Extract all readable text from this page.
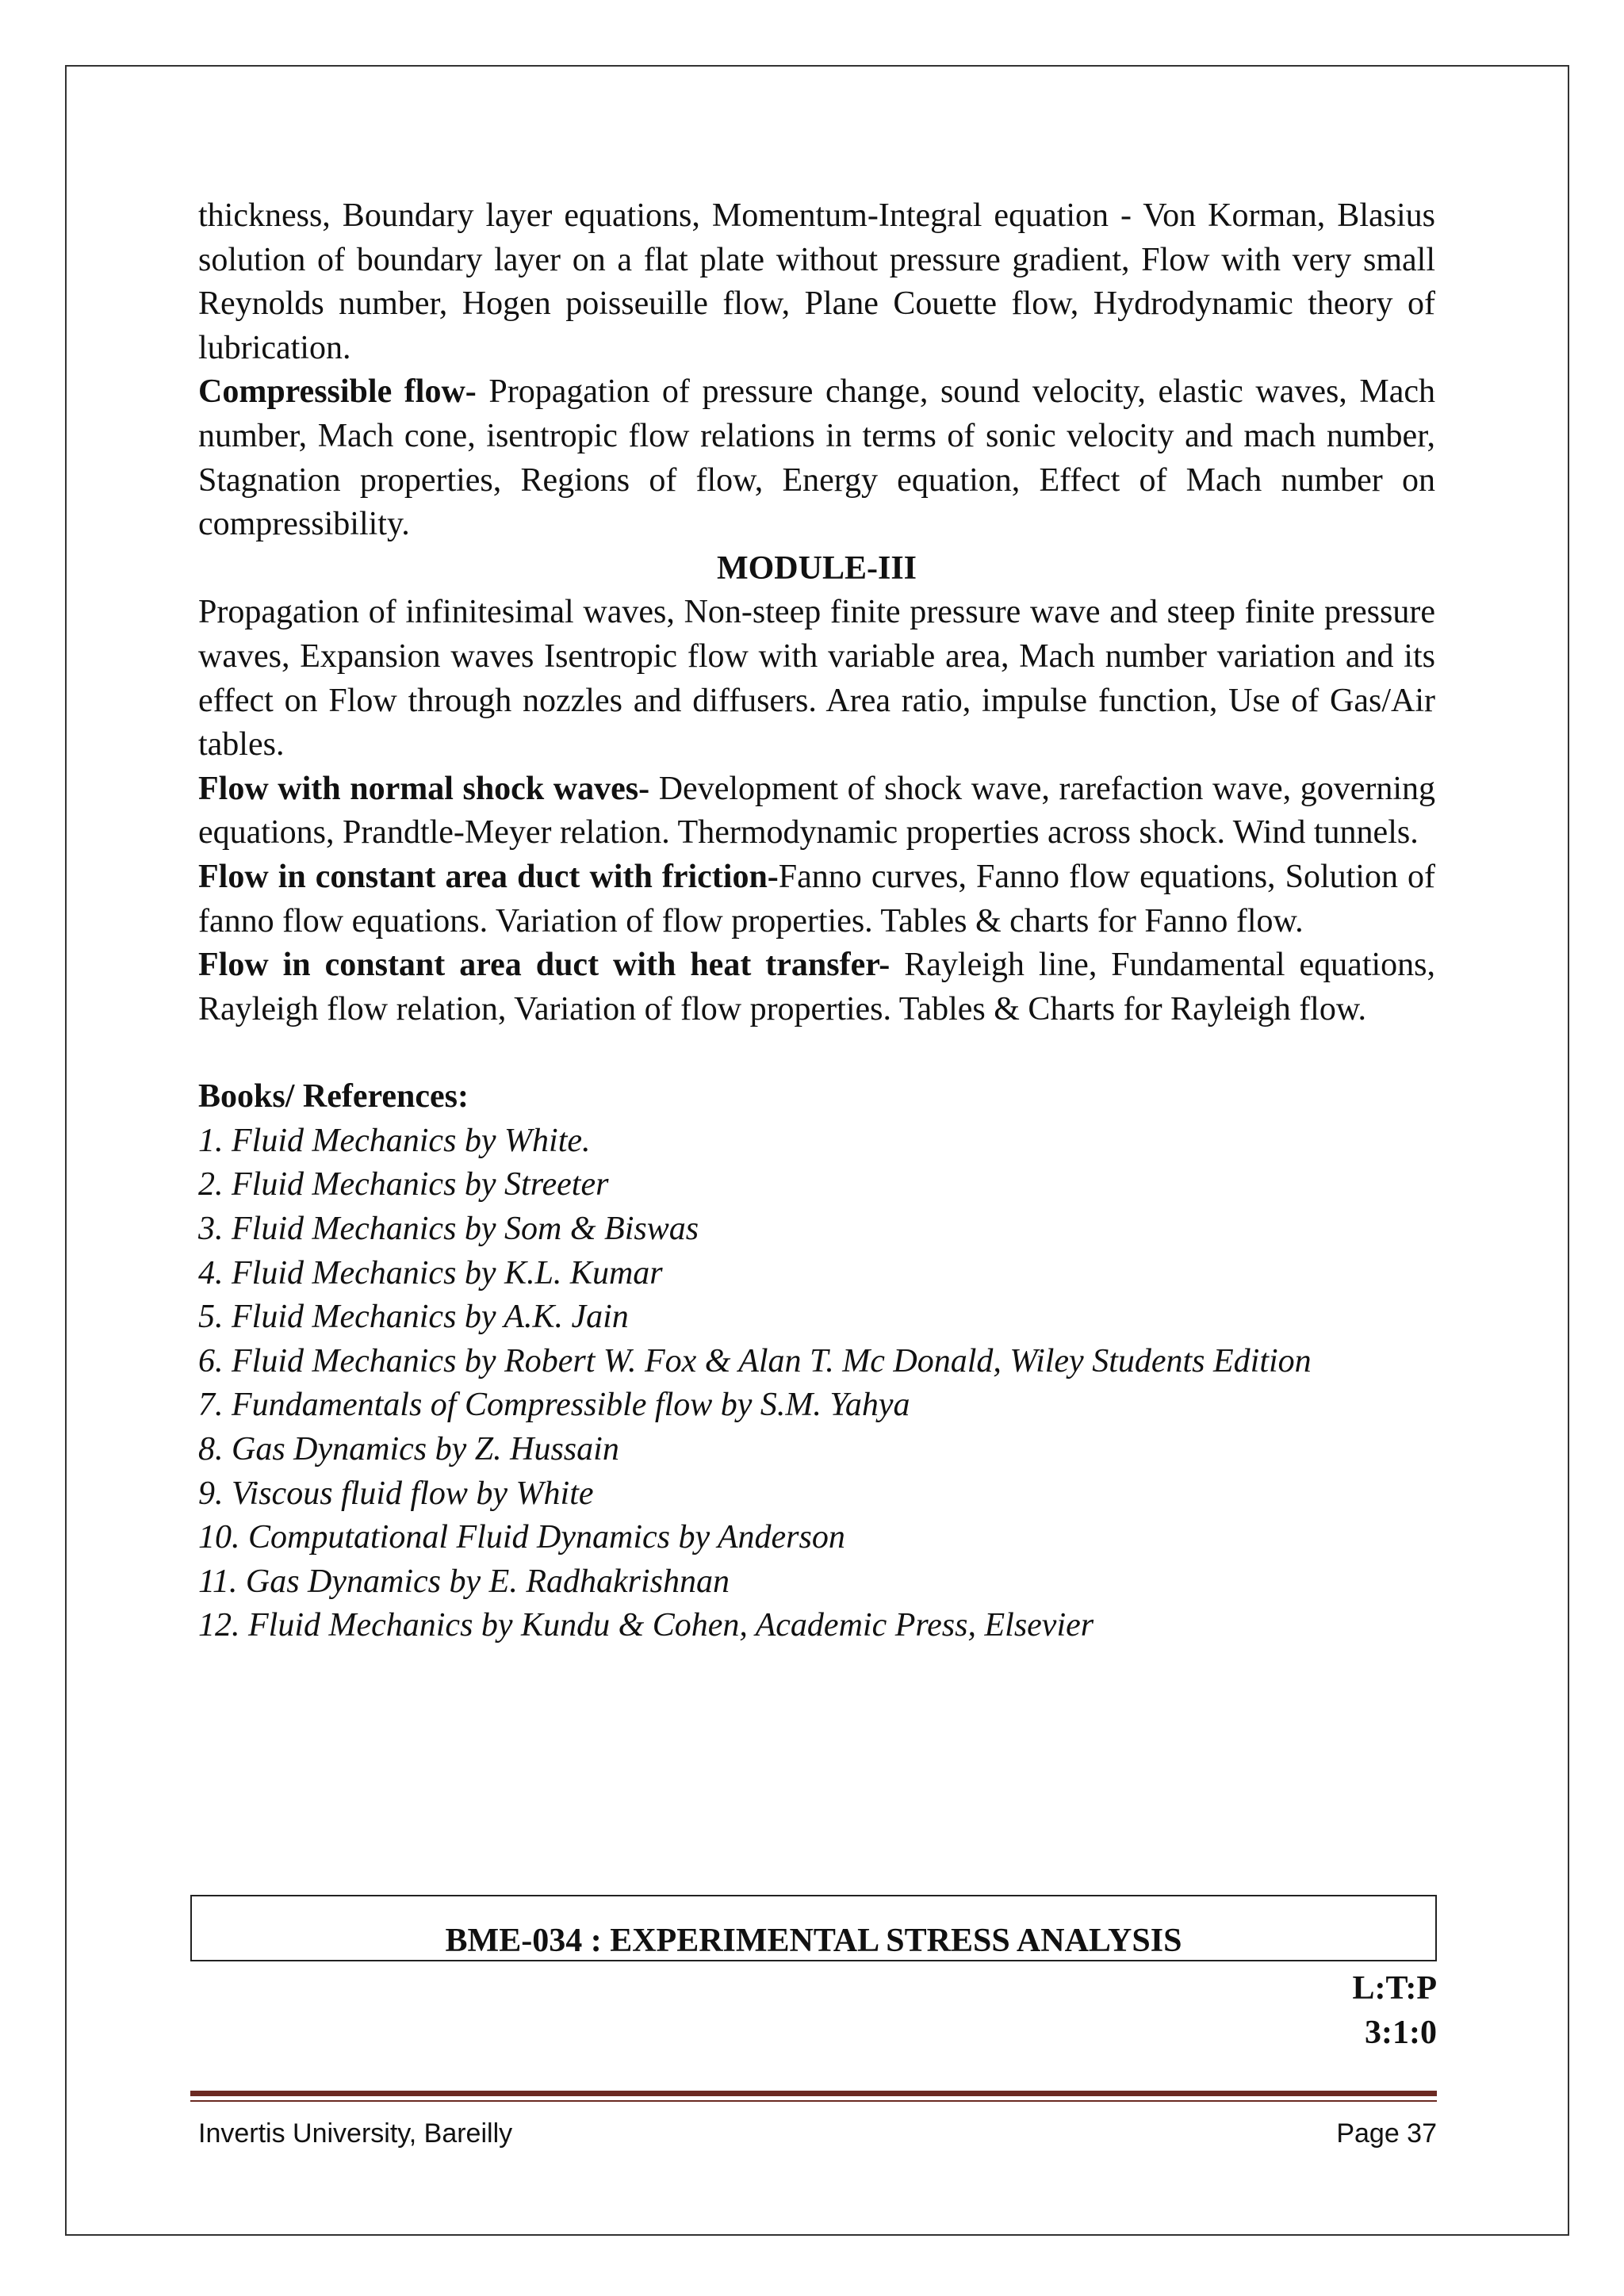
thickness, Boundary layer equations, Momentum-Integral equation - Von Korman, Blasius solution of boundary layer on a flat plate without pressure gradient, Flow with very small Reynolds number, Hogen poisseuille flow, Plane Couette flow, Hydrodynamic theory of lubrication.

Compressible flow- Propagation of pressure change, sound velocity, elastic waves, Mach number, Mach cone, isentropic flow relations in terms of sonic velocity and mach number, Stagnation properties, Regions of flow, Energy equation, Effect of Mach number on compressibility.

MODULE-III

Propagation of infinitesimal waves, Non-steep finite pressure wave and steep finite pressure waves, Expansion waves Isentropic flow with variable area, Mach number variation and its effect on Flow through nozzles and diffusers. Area ratio, impulse function, Use of Gas/Air tables.

Flow with normal shock waves- Development of shock wave, rarefaction wave, governing equations, Prandtle-Meyer relation. Thermodynamic properties across shock. Wind tunnels.

Flow in constant area duct with friction-Fanno curves, Fanno flow equations, Solution of fanno flow equations. Variation of flow properties. Tables & charts for Fanno flow.

Flow in constant area duct with heat transfer- Rayleigh line, Fundamental equations, Rayleigh flow relation, Variation of flow properties. Tables & Charts for Rayleigh flow.

Books/ References:

1. Fluid Mechanics by White.

2. Fluid Mechanics by Streeter

3. Fluid Mechanics by Som & Biswas

4. Fluid Mechanics by K.L. Kumar

5. Fluid Mechanics by A.K. Jain

6. Fluid Mechanics by Robert W. Fox & Alan T. Mc Donald, Wiley Students Edition

7. Fundamentals of Compressible flow by S.M. Yahya

8. Gas Dynamics by Z. Hussain

9. Viscous fluid flow by White

10. Computational Fluid Dynamics by Anderson

11. Gas Dynamics by E. Radhakrishnan

12. Fluid Mechanics by Kundu & Cohen, Academic Press, Elsevier

BME-034 : EXPERIMENTAL STRESS ANALYSIS
L:T:P
3:1:0
Invertis University, Bareilly	Page 37
